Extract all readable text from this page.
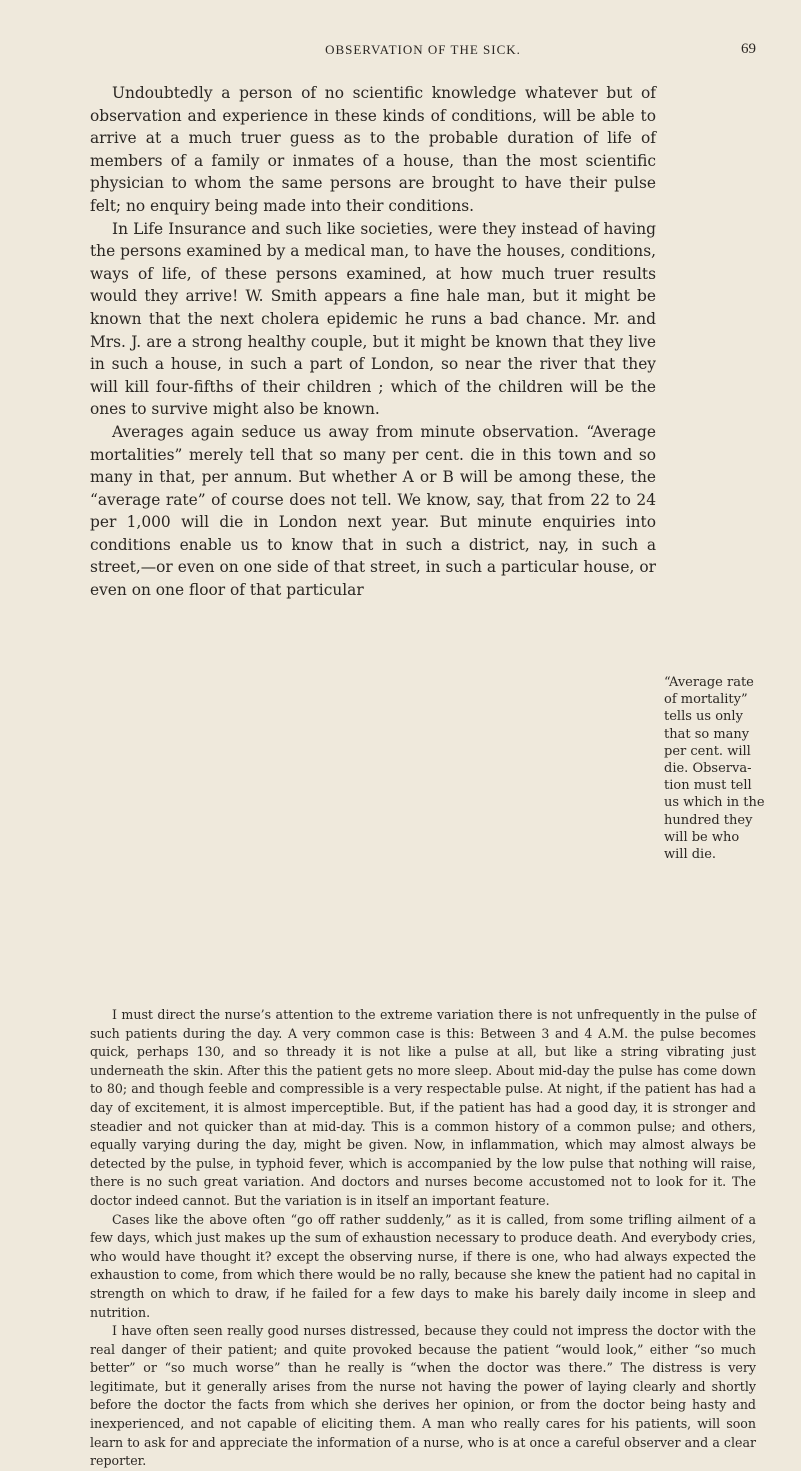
OBSERVATION OF THE SICK.	69

Undoubtedly a person of no scientific knowledge whatever but of observation and experience in these kinds of conditions, will be able to arrive at a much truer guess as to the probable duration of life of members of a family or inmates of a house, than the most scientific physician to whom the same persons are brought to have their pulse felt; no enquiry being made into their conditions.

In Life Insurance and such like societies, were they instead of having the persons examined by a medical man, to have the houses, conditions, ways of life, of these persons examined, at how much truer results would they arrive! W. Smith appears a fine hale man, but it might be known that the next cholera epidemic he runs a bad chance. Mr. and Mrs. J. are a strong healthy couple, but it might be known that they live in such a house, in such a part of London, so near the river that they will kill four-fifths of their children ; which of the children will be the ones to survive might also be known.

Averages again seduce us away from minute observation. “Average mortalities” merely tell that so many per cent. die in this town and so many in that, per annum. But whether A or B will be among these, the “average rate” of course does not tell. We know, say, that from 22 to 24 per 1,000 will die in London next year. But minute enquiries into conditions enable us to know that in such a district, nay, in such a street,—or even on one side of that street, in such a particular house, or even on one floor of that particular

“Average rate
of mortality”
tells us only
that so many
per cent. will
die. Observa-
tion must tell
us which in the
hundred they
will be who
will die.

I must direct the nurse’s attention to the extreme variation there is not unfrequently in the pulse of such patients during the day. A very common case is this: Between 3 and 4 A.M. the pulse becomes quick, perhaps 130, and so thready it is not like a pulse at all, but like a string vibrating just underneath the skin. After this the patient gets no more sleep. About mid-day the pulse has come down to 80; and though feeble and compressible is a very respectable pulse. At night, if the patient has had a day of excitement, it is almost imperceptible. But, if the patient has had a good day, it is stronger and steadier and not quicker than at mid-day. This is a common history of a common pulse; and others, equally varying during the day, might be given. Now, in inflammation, which may almost always be detected by the pulse, in typhoid fever, which is accompanied by the low pulse that nothing will raise, there is no such great variation. And doctors and nurses become accustomed not to look for it. The doctor indeed cannot. But the variation is in itself an important feature.

Cases like the above often “go off rather suddenly,” as it is called, from some trifling ailment of a few days, which just makes up the sum of exhaustion necessary to produce death. And everybody cries, who would have thought it? except the observing nurse, if there is one, who had always expected the exhaustion to come, from which there would be no rally, because she knew the patient had no capital in strength on which to draw, if he failed for a few days to make his barely daily income in sleep and nutrition.

I have often seen really good nurses distressed, because they could not impress the doctor with the real danger of their patient; and quite provoked because the patient “would look,” either “so much better” or “so much worse” than he really is “when the doctor was there.” The distress is very legitimate, but it generally arises from the nurse not having the power of laying clearly and shortly before the doctor the facts from which she derives her opinion, or from the doctor being hasty and inexperienced, and not capable of eliciting them. A man who really cares for his patients, will soon learn to ask for and appreciate the information of a nurse, who is at once a careful observer and a clear reporter.
